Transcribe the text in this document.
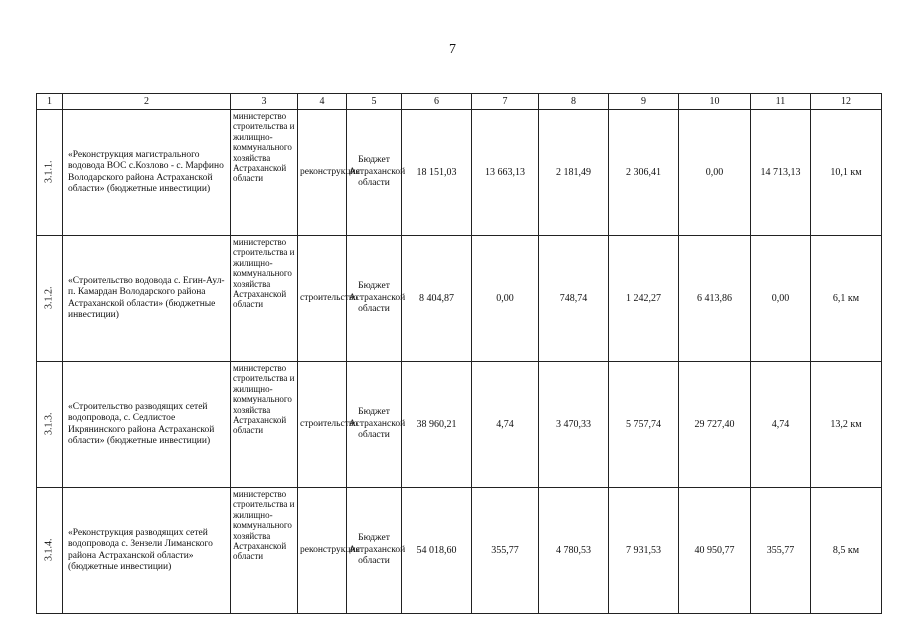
7
1	2	3	4	5	6	7	8	9	10	11	12
3.1.1.	«Реконструкция магистрального водовода ВОС с.Козлово - с. Марфино Володарского района Астраханской области» (бюджетные инвестиции)	министерство строительства и жилищно-коммунального хозяйства Астраханской области	реконструкция	Бюджет Астраханской области	18 151,03	13 663,13	2 181,49	2 306,41	0,00	14 713,13	10,1 км
3.1.2.	«Строительство водовода с. Егин-Аул-п. Камардан Володарского района Астраханской области» (бюджетные инвестиции)	министерство строительства и жилищно-коммунального хозяйства Астраханской области	строительство	Бюджет Астраханской области	8 404,87	0,00	748,74	1 242,27	6 413,86	0,00	6,1 км
3.1.3.	«Строительство разводящих сетей водопровода, с. Седлистое Икрянинского района Астраханской области» (бюджетные инвестиции)	министерство строительства и жилищно-коммунального хозяйства Астраханской области	строительство	Бюджет Астраханской области	38 960,21	4,74	3 470,33	5 757,74	29 727,40	4,74	13,2 км
3.1.4.	«Реконструкция разводящих сетей водопровода с. Зензели Лиманского района Астраханской области» (бюджетные инвестиции)	министерство строительства и жилищно-коммунального хозяйства Астраханской области	реконструкция	Бюджет Астраханской области	54 018,60	355,77	4 780,53	7 931,53	40 950,77	355,77	8,5 км
